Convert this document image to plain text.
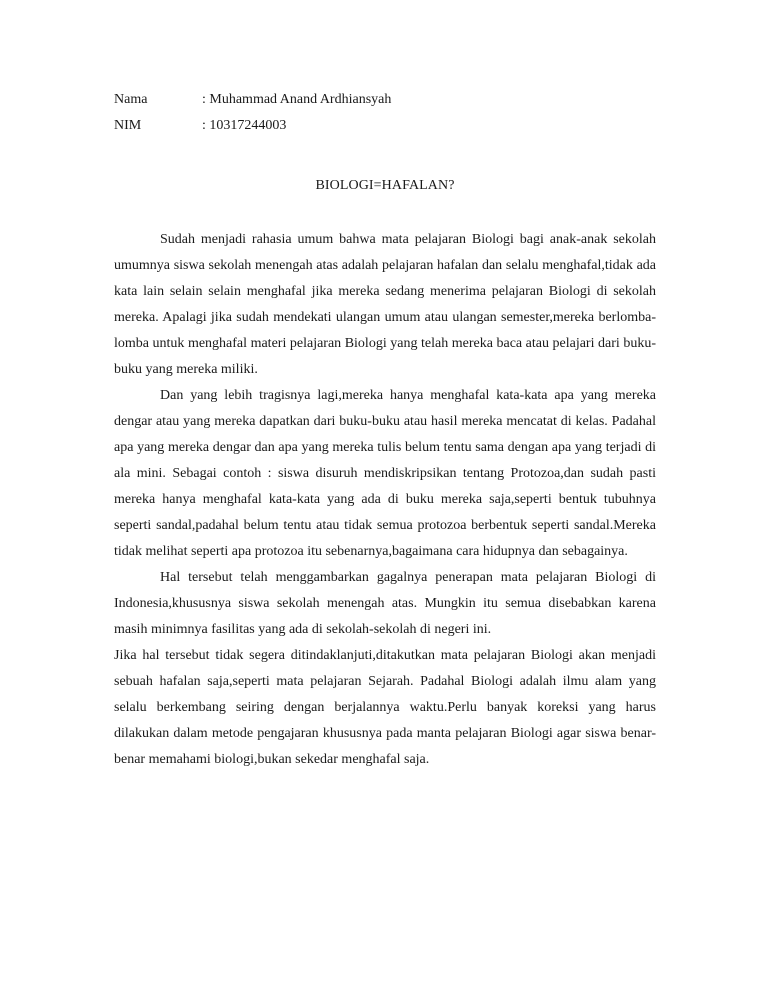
Nama	: Muhammad Anand Ardhiansyah
NIM	: 10317244003
BIOLOGI=HAFALAN?

Sudah menjadi rahasia umum bahwa mata pelajaran Biologi bagi anak-anak sekolah umumnya siswa sekolah menengah atas adalah pelajaran hafalan dan selalu menghafal,tidak ada kata lain selain selain menghafal jika mereka sedang menerima pelajaran Biologi di sekolah mereka. Apalagi jika sudah mendekati ulangan umum atau ulangan semester,mereka berlomba-lomba untuk menghafal materi pelajaran Biologi yang telah mereka baca atau pelajari dari buku-buku yang mereka miliki.

Dan yang lebih tragisnya lagi,mereka hanya menghafal kata-kata apa yang mereka dengar atau yang mereka dapatkan dari buku-buku atau hasil mereka mencatat di kelas. Padahal apa yang mereka dengar dan apa yang mereka tulis belum tentu sama dengan apa yang terjadi di ala mini. Sebagai contoh : siswa disuruh mendiskripsikan tentang Protozoa,dan sudah pasti mereka hanya menghafal kata-kata yang ada di buku mereka saja,seperti bentuk tubuhnya seperti sandal,padahal belum tentu atau tidak semua protozoa berbentuk seperti sandal.Mereka tidak melihat seperti apa protozoa itu sebenarnya,bagaimana cara hidupnya dan sebagainya.

Hal tersebut telah menggambarkan gagalnya penerapan mata pelajaran Biologi di Indonesia,khususnya siswa sekolah menengah atas. Mungkin itu semua disebabkan karena masih minimnya fasilitas yang ada di sekolah-sekolah di negeri ini.

Jika hal tersebut tidak segera ditindaklanjuti,ditakutkan mata pelajaran Biologi akan menjadi sebuah hafalan saja,seperti mata pelajaran Sejarah. Padahal Biologi adalah ilmu alam yang selalu berkembang seiring dengan berjalannya waktu.Perlu banyak koreksi yang harus dilakukan dalam metode pengajaran khususnya pada manta pelajaran Biologi agar siswa benar-benar memahami biologi,bukan sekedar menghafal saja.
